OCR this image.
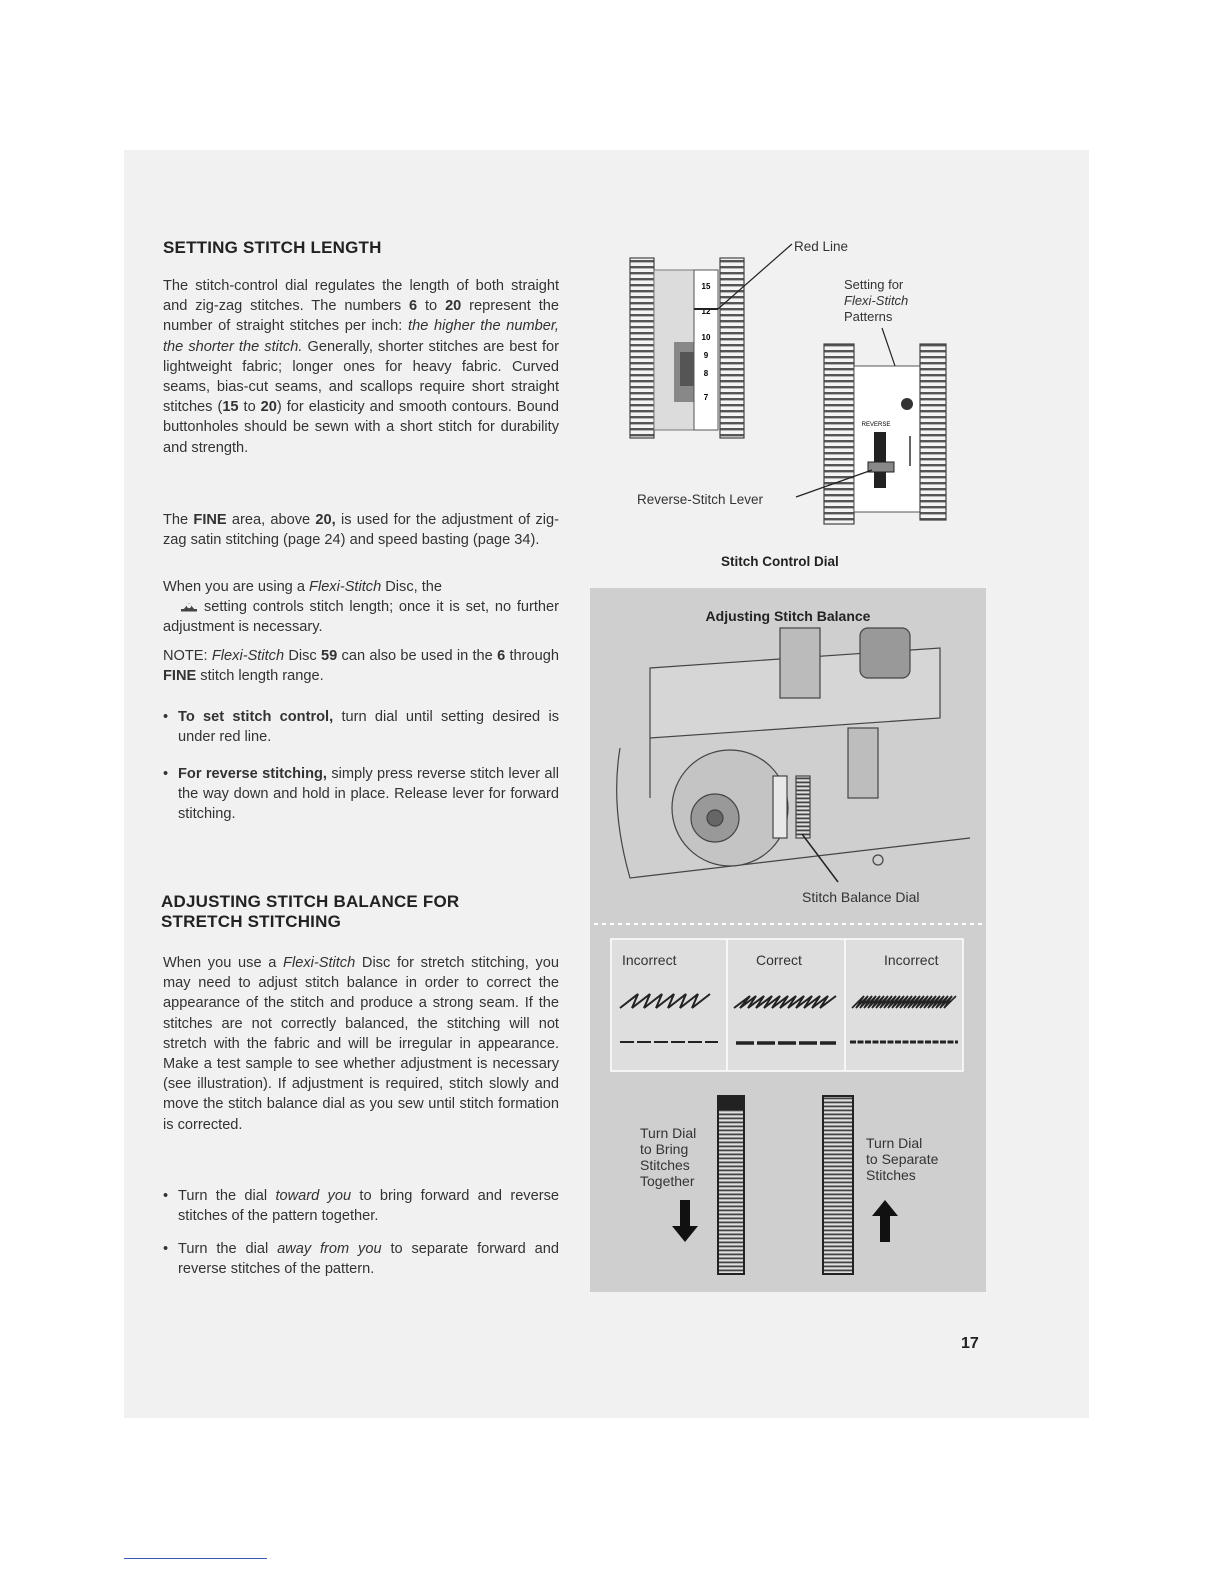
SETTING STITCH LENGTH

The stitch-control dial regulates the length of both straight and zig-zag stitches. The numbers 6 to 20 represent the number of straight stitches per inch: the higher the number, the shorter the stitch. Generally, shorter stitches are best for lightweight fabric; longer ones for heavy fabric. Curved seams, bias-cut seams, and scallops require short straight stitches (15 to 20) for elasticity and smooth contours. Bound buttonholes should be sewn with a short stitch for durability and strength.

The FINE area, above 20, is used for the adjustment of zig-zag satin stitching (page 24) and speed basting (page 34).

When you are using a Flexi-Stitch Disc, the
setting controls stitch length; once it is set, no further adjustment is necessary.

NOTE: Flexi-Stitch Disc 59 can also be used in the 6 through FINE stitch length range.

• To set stitch control, turn dial until setting desired is under red line.
• For reverse stitching, simply press reverse stitch lever all the way down and hold in place. Release lever for forward stitching.
ADJUSTING STITCH BALANCE FOR
STRETCH STITCHING

When you use a Flexi-Stitch Disc for stretch stitching, you may need to adjust stitch balance in order to correct the appearance of the stitch and produce a strong seam. If the stitches are not correctly balanced, the stitching will not stretch with the fabric and will be irregular in appearance. Make a test sample to see whether adjustment is necessary (see illustration). If adjustment is required, stitch slowly and move the stitch balance dial as you sew until stitch formation is corrected.

• Turn the dial toward you to bring forward and reverse stitches of the pattern together.
• Turn the dial away from you to separate forward and reverse stitches of the pattern.
15
12
10
9
8
7
Red Line
Setting for
Flexi-Stitch
Patterns
REVERSE

Reverse-Stitch Lever

Stitch Control Dial

Adjusting Stitch Balance
Stitch Balance Dial
Incorrect	Correct	Incorrect
Turn Dial
to Bring
Stitches
Together
Turn Dial
to Separate
Stitches

17
